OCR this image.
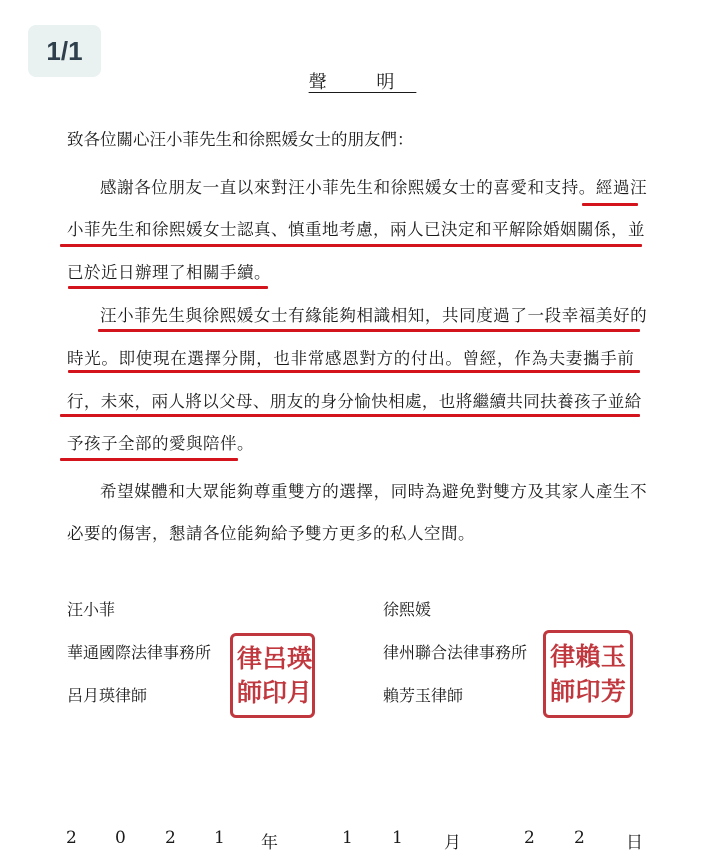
1/1
聲 明
致各位關心汪小菲先生和徐熙媛女士的朋友們：
感謝各位朋友一直以來對汪小菲先生和徐熙媛女士的喜愛和支持。經過汪
小菲先生和徐熙媛女士認真、慎重地考慮，兩人已決定和平解除婚姻關係，並
已於近日辦理了相關手續。
汪小菲先生與徐熙媛女士有緣能夠相識相知，共同度過了一段幸福美好的
時光。即使現在選擇分開，也非常感恩對方的付出。曾經，作為夫妻攜手前
行，未來，兩人將以父母、朋友的身分愉快相處，也將繼續共同扶養孩子並給
予孩子全部的愛與陪伴。
希望媒體和大眾能夠尊重雙方的選擇，同時為避免對雙方及其家人產生不
必要的傷害，懇請各位能夠給予雙方更多的私人空間。
汪小菲
華通國際法律事務所
呂月瑛律師
律 呂 瑛
師 印 月
徐熙媛
律州聯合法律事務所
賴芳玉律師
律 賴 玉
師 印 芳
2 0 2 1 年	1 1 月	2 2 日
